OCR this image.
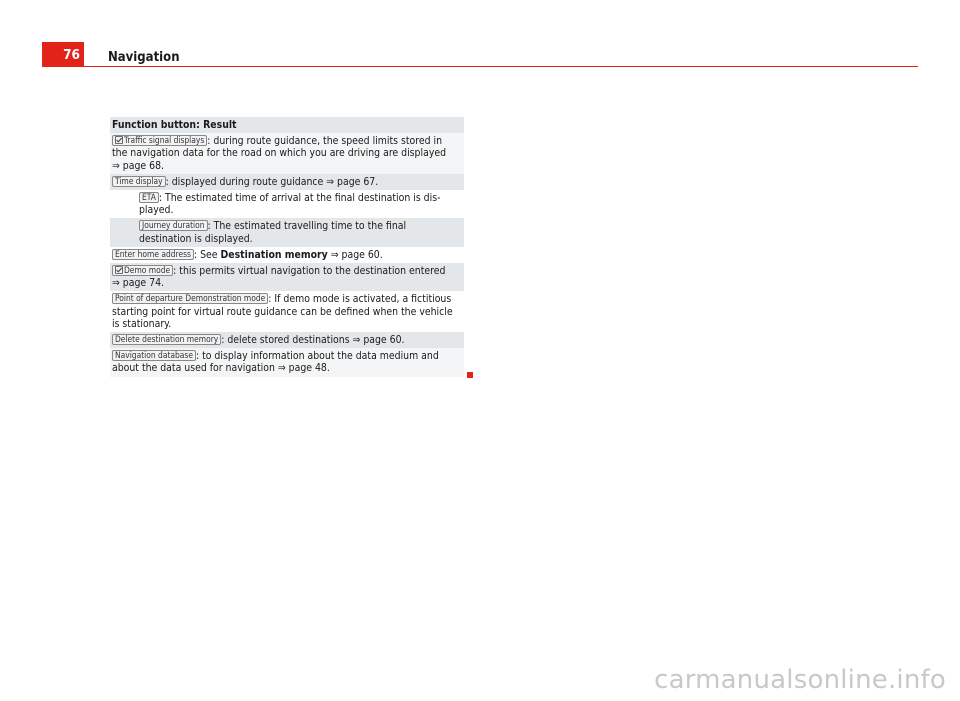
76	Navigation
Function button: Result
Traffic signal displays : during route guidance, the speed limits stored in the navigation data for the road on which you are driving are displayed
⇒ page 68.
Time display : displayed during route guidance ⇒ page 67.
ETA : The estimated time of arrival at the final destination is dis-played.
Journey duration : The estimated travelling time to the final destination is displayed.
Enter home address : See Destination memory ⇒ page 60.
Demo mode : this permits virtual navigation to the destination entered
⇒ page 74.
Point of departure Demonstration mode : If demo mode is activated, a fictitious starting point for virtual route guidance can be defined when the vehicle is stationary.
Delete destination memory : delete stored destinations ⇒ page 60.
Navigation database : to display information about the data medium and about the data used for navigation ⇒ page 48.
carmanualsonline.info
